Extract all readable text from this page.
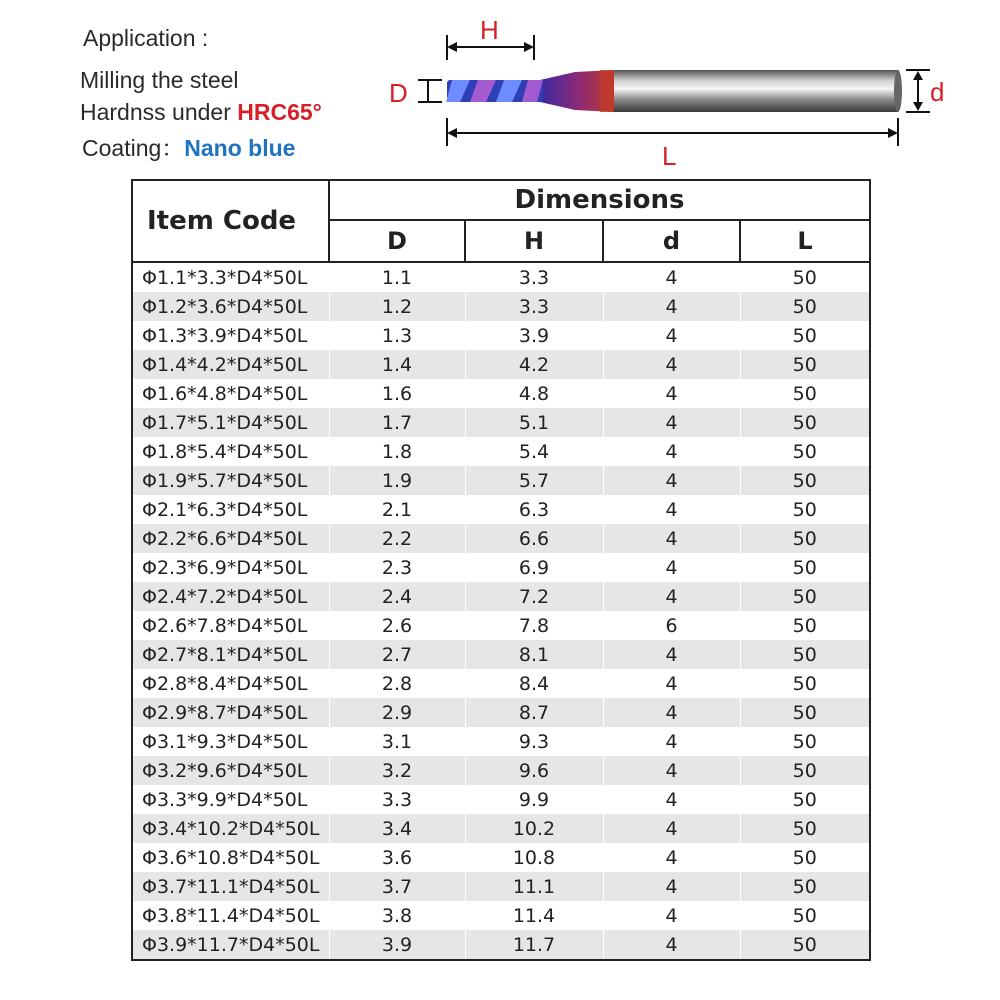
Application :
Milling the steel
Hardnss under HRC65°
Coating：Nano blue
H
D	d
L
Item Code	Dimensions			
	D	H	d	L
Φ1.1*3.3*D4*50L	1.1	3.3	4	50
Φ1.2*3.6*D4*50L	1.2	3.3	4	50
Φ1.3*3.9*D4*50L	1.3	3.9	4	50
Φ1.4*4.2*D4*50L	1.4	4.2	4	50
Φ1.6*4.8*D4*50L	1.6	4.8	4	50
Φ1.7*5.1*D4*50L	1.7	5.1	4	50
Φ1.8*5.4*D4*50L	1.8	5.4	4	50
Φ1.9*5.7*D4*50L	1.9	5.7	4	50
Φ2.1*6.3*D4*50L	2.1	6.3	4	50
Φ2.2*6.6*D4*50L	2.2	6.6	4	50
Φ2.3*6.9*D4*50L	2.3	6.9	4	50
Φ2.4*7.2*D4*50L	2.4	7.2	4	50
Φ2.6*7.8*D4*50L	2.6	7.8	6	50
Φ2.7*8.1*D4*50L	2.7	8.1	4	50
Φ2.8*8.4*D4*50L	2.8	8.4	4	50
Φ2.9*8.7*D4*50L	2.9	8.7	4	50
Φ3.1*9.3*D4*50L	3.1	9.3	4	50
Φ3.2*9.6*D4*50L	3.2	9.6	4	50
Φ3.3*9.9*D4*50L	3.3	9.9	4	50
Φ3.4*10.2*D4*50L	3.4	10.2	4	50
Φ3.6*10.8*D4*50L	3.6	10.8	4	50
Φ3.7*11.1*D4*50L	3.7	11.1	4	50
Φ3.8*11.4*D4*50L	3.8	11.4	4	50
Φ3.9*11.7*D4*50L	3.9	11.7	4	50
